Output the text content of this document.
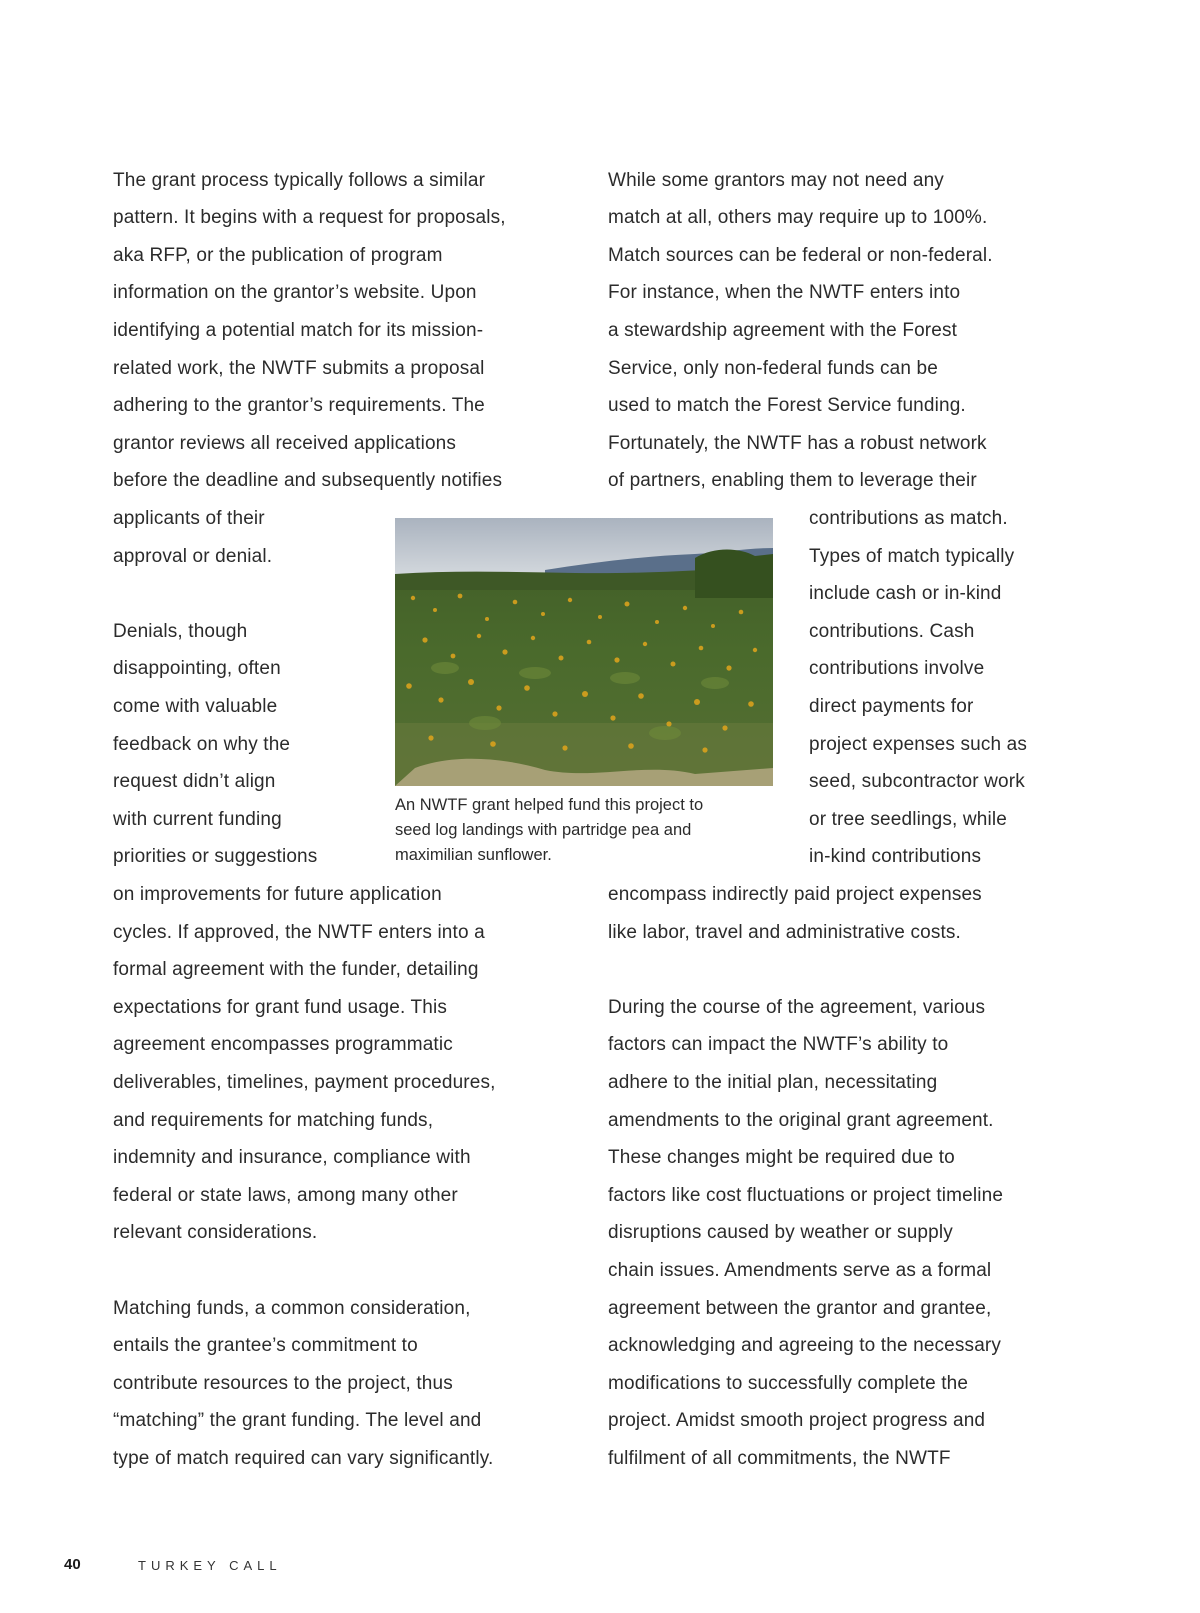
The grant process typically follows a similar
pattern. It begins with a request for proposals,
aka RFP, or the publication of program
information on the grantor’s website. Upon
identifying a potential match for its mission-
related work, the NWTF submits a proposal
adhering to the grantor’s requirements. The
grantor reviews all received applications
before the deadline and subsequently notifies
applicants of their
approval or denial.
Denials, though
disappointing, often
come with valuable
feedback on why the
request didn’t align
with current funding
priorities or suggestions
on improvements for future application
cycles. If approved, the NWTF enters into a
formal agreement with the funder, detailing
expectations for grant fund usage. This
agreement encompasses programmatic
deliverables, timelines, payment procedures,
and requirements for matching funds,
indemnity and insurance, compliance with
federal or state laws, among many other
relevant considerations.
Matching funds, a common consideration,
entails the grantee’s commitment to
contribute resources to the project, thus
“matching” the grant funding. The level and
type of match required can vary significantly.
While some grantors may not need any
match at all, others may require up to 100%.
Match sources can be federal or non-federal.
For instance, when the NWTF enters into
a stewardship agreement with the Forest
Service, only non-federal funds can be
used to match the Forest Service funding.
Fortunately, the NWTF has a robust network
of partners, enabling them to leverage their
contributions as match.
Types of match typically
include cash or in-kind
contributions. Cash
contributions involve
direct payments for
project expenses such as
seed, subcontractor work
or tree seedlings, while
in-kind contributions
encompass indirectly paid project expenses
like labor, travel and administrative costs.
During the course of the agreement, various
factors can impact the NWTF’s ability to
adhere to the initial plan, necessitating
amendments to the original grant agreement.
These changes might be required due to
factors like cost fluctuations or project timeline
disruptions caused by weather or supply
chain issues. Amendments serve as a formal
agreement between the grantor and grantee,
acknowledging and agreeing to the necessary
modifications to successfully complete the
project. Amidst smooth project progress and
fulfilment of all commitments, the NWTF
An NWTF grant helped fund this project to
seed log landings with partridge pea and
maximilian sunflower.
40	TURKEY CALL
